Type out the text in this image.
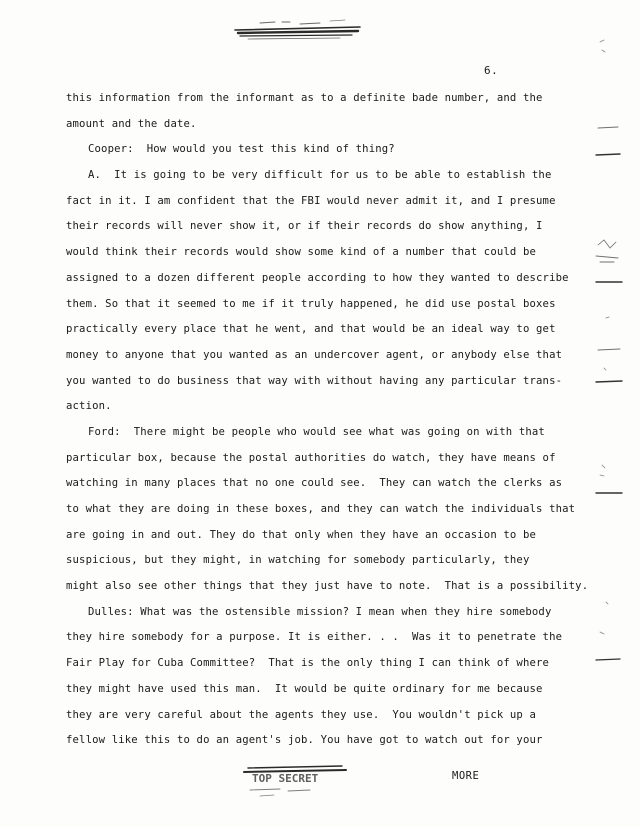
6.
this information from the informant as to a definite bade number, and the
amount and the date.
Cooper:  How would you test this kind of thing?
A.  It is going to be very difficult for us to be able to establish the
fact in it. I am confident that the FBI would never admit it, and I presume
their records will never show it, or if their records do show anything, I
would think their records would show some kind of a number that could be
assigned to a dozen different people according to how they wanted to describe
them. So that it seemed to me if it truly happened, he did use postal boxes
practically every place that he went, and that would be an ideal way to get
money to anyone that you wanted as an undercover agent, or anybody else that
you wanted to do business that way with without having any particular trans-
action.
Ford:  There might be people who would see what was going on with that
particular box, because the postal authorities do watch, they have means of
watching in many places that no one could see.  They can watch the clerks as
to what they are doing in these boxes, and they can watch the individuals that
are going in and out. They do that only when they have an occasion to be
suspicious, but they might, in watching for somebody particularly, they
might also see other things that they just have to note.  That is a possibility.
Dulles: What was the ostensible mission? I mean when they hire somebody
they hire somebody for a purpose. It is either. . .  Was it to penetrate the
Fair Play for Cuba Committee?  That is the only thing I can think of where
they might have used this man.  It would be quite ordinary for me because
they are very careful about the agents they use.  You wouldn't pick up a
fellow like this to do an agent's job. You have got to watch out for your
TOP SECRET	MORE
